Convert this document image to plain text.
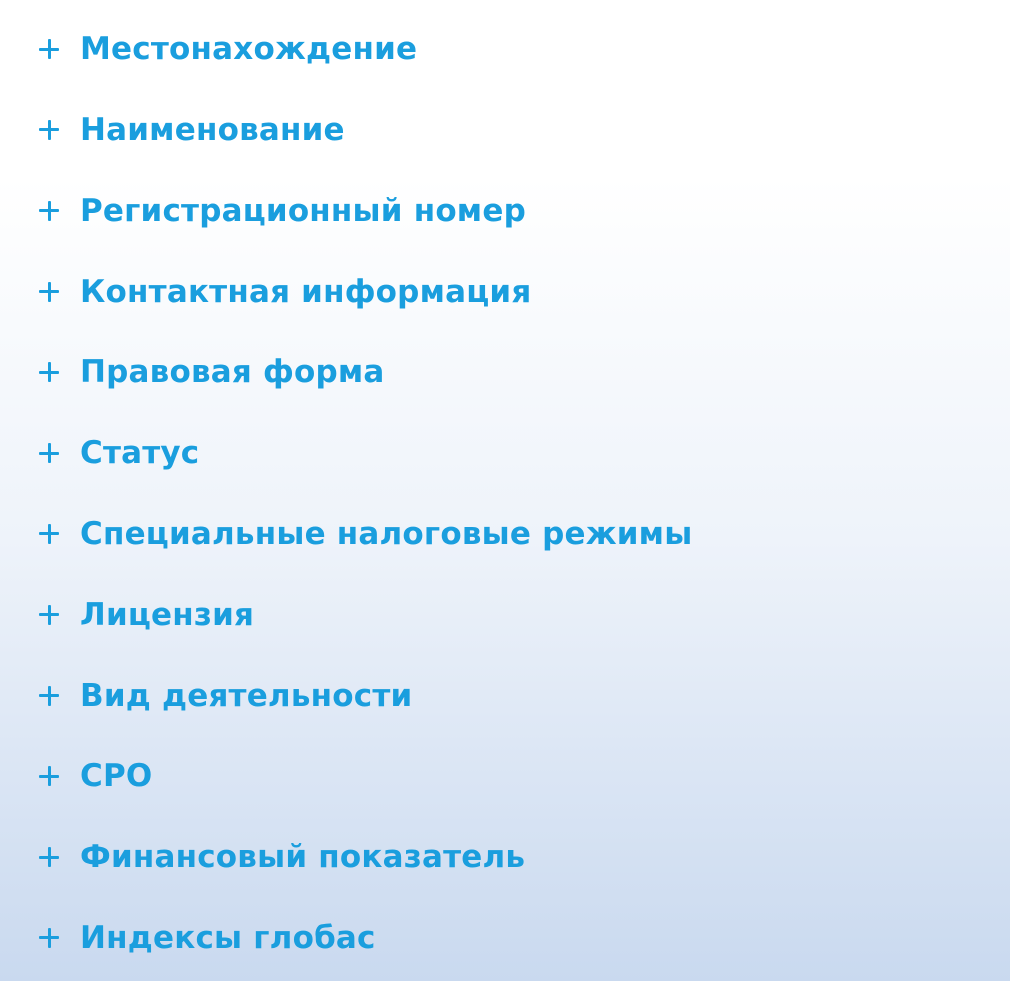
Местонахождение
Наименование
Регистрационный номер
Контактная информация
Правовая форма
Статус
Специальные налоговые режимы
Лицензия
Вид деятельности
СРО
Финансовый показатель
Индексы глобас
